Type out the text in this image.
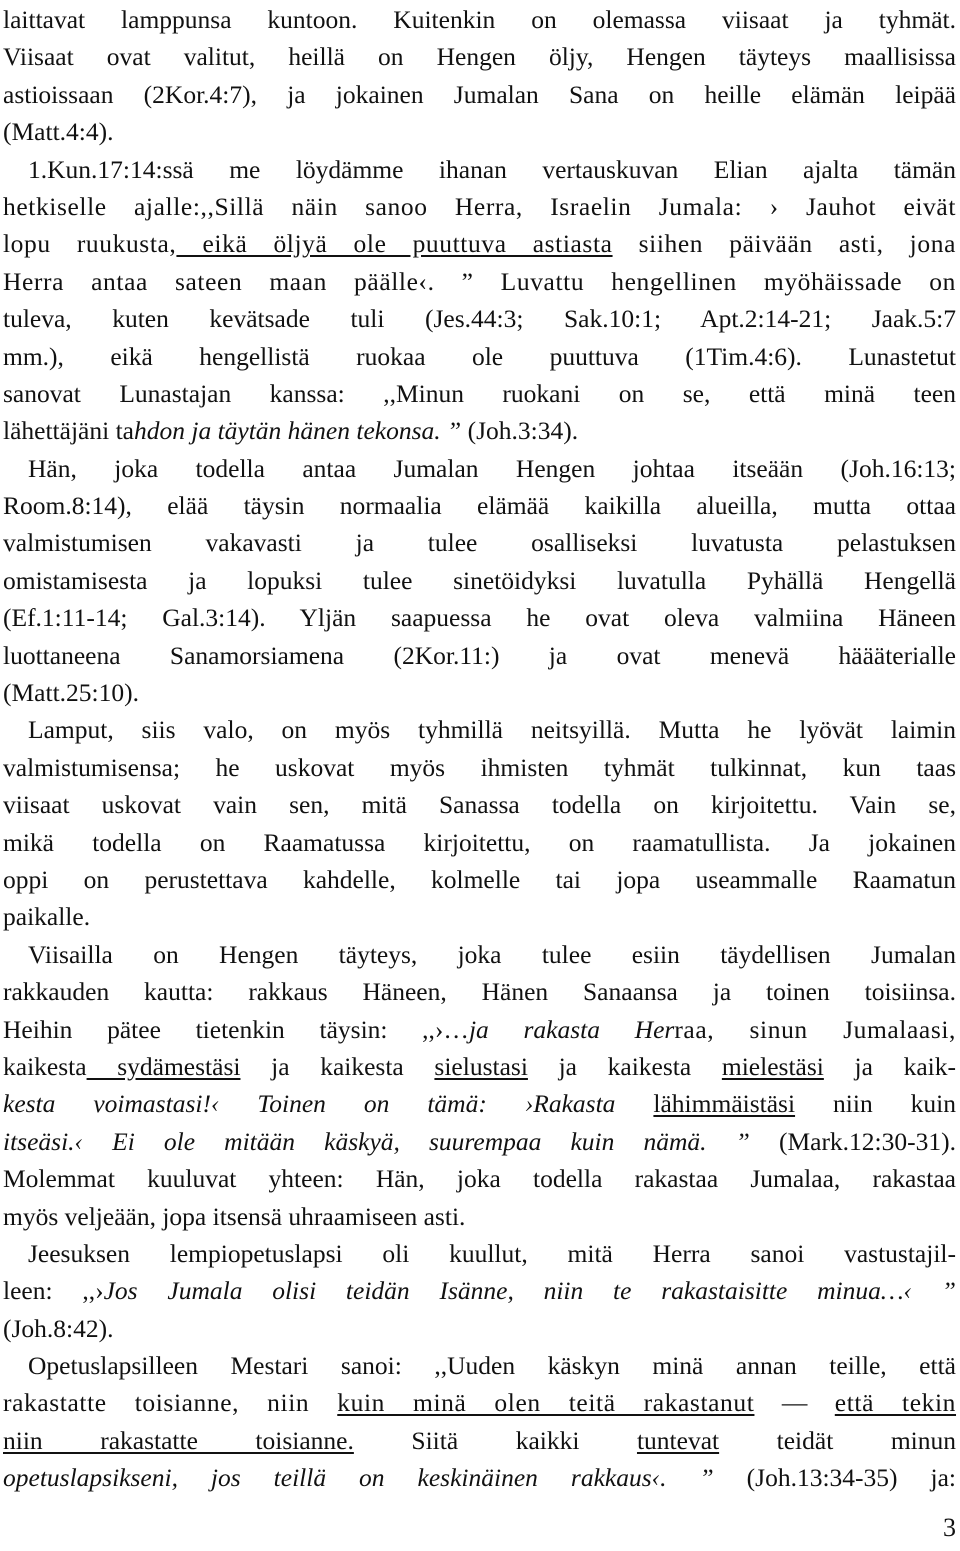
laittavat lamppunsa kuntoon. Kuitenkin on olemassa viisaat ja tyhmät.
Viisaat ovat valitut, heillä on Hengen öljy, Hengen täyteys maallisissa
astioissaan (2Kor.4:7), ja jokainen Jumalan Sana on heille elämän leipää
(Matt.4:4).
1.Kun.17:14:ssä me löydämme ihanan vertauskuvan Elian ajalta tämän
hetkiselle ajalle:,,Sillä näin sanoo Herra, Israelin Jumala: › Jauhot eivät
lopu ruukusta, eikä öljyä ole puuttuva astiasta siihen päivään asti, jona
Herra antaa sateen maan päälle‹. ” Luvattu hengellinen myöhäissade on
tuleva, kuten kevätsade tuli (Jes.44:3; Sak.10:1; Apt.2:14-21; Jaak.5:7
mm.), eikä hengellistä ruokaa ole puuttuva (1Tim.4:6). Lunastetut
sanovat Lunastajan kanssa: ,,Minun ruokani on se, että minä teen
lähettäjäni tahdon ja täytän hänen tekonsa. ” (Joh.3:34).
Hän, joka todella antaa Jumalan Hengen johtaa itseään (Joh.16:13;
Room.8:14), elää täysin normaalia elämää kaikilla alueilla, mutta ottaa
valmistumisen vakavasti ja tulee osalliseksi luvatusta pelastuksen
omistamisesta ja lopuksi tulee sinetöidyksi luvatulla Pyhällä Hengellä
(Ef.1:11-14; Gal.3:14). Yljän saapuessa he ovat oleva valmiina Häneen
luottaneena Sanamorsiamena (2Kor.11:) ja ovat menevä häääterialle
(Matt.25:10).
Lamput, siis valo, on myös tyhmillä neitsyillä. Mutta he lyövät laimin
valmistumisensa; he uskovat myös ihmisten tyhmät tulkinnat, kun taas
viisaat uskovat vain sen, mitä Sanassa todella on kirjoitettu. Vain se,
mikä todella on Raamatussa kirjoitettu, on raamatullista. Ja jokainen
oppi on perustettava kahdelle, kolmelle tai jopa useammalle Raamatun
paikalle.
Viisailla on Hengen täyteys, joka tulee esiin täydellisen Jumalan
rakkauden kautta: rakkaus Häneen, Hänen Sanaansa ja toinen toisiinsa.
Heihin pätee tietenkin täysin: ,,›…ja rakasta Herraa, sinun Jumalaasi,
kaikesta sydämestäsi ja kaikesta sielustasi ja kaikesta mielestäsi ja kaik-
kesta voimastasi!‹ Toinen on tämä: ›Rakasta lähimmäistäsi niin kuin
itseäsi.‹ Ei ole mitään käskyä, suurempaa kuin nämä. ” (Mark.12:30-31).
Molemmat kuuluvat yhteen: Hän, joka todella rakastaa Jumalaa, rakastaa
myös veljeään, jopa itsensä uhraamiseen asti.
Jeesuksen lempiopetuslapsi oli kuullut, mitä Herra sanoi vastustajil-
leen: ,,›Jos Jumala olisi teidän Isänne, niin te rakastaisitte minua…‹ ”
(Joh.8:42).
Opetuslapsilleen Mestari sanoi: ,,Uuden käskyn minä annan teille, että
rakastatte toisianne, niin kuin minä olen teitä rakastanut — että tekin
niin rakastatte toisianne. Siitä kaikki tuntevat teidät minun
opetuslapsikseni, jos teillä on keskinäinen rakkaus‹. ” (Joh.13:34-35) ja:
3
